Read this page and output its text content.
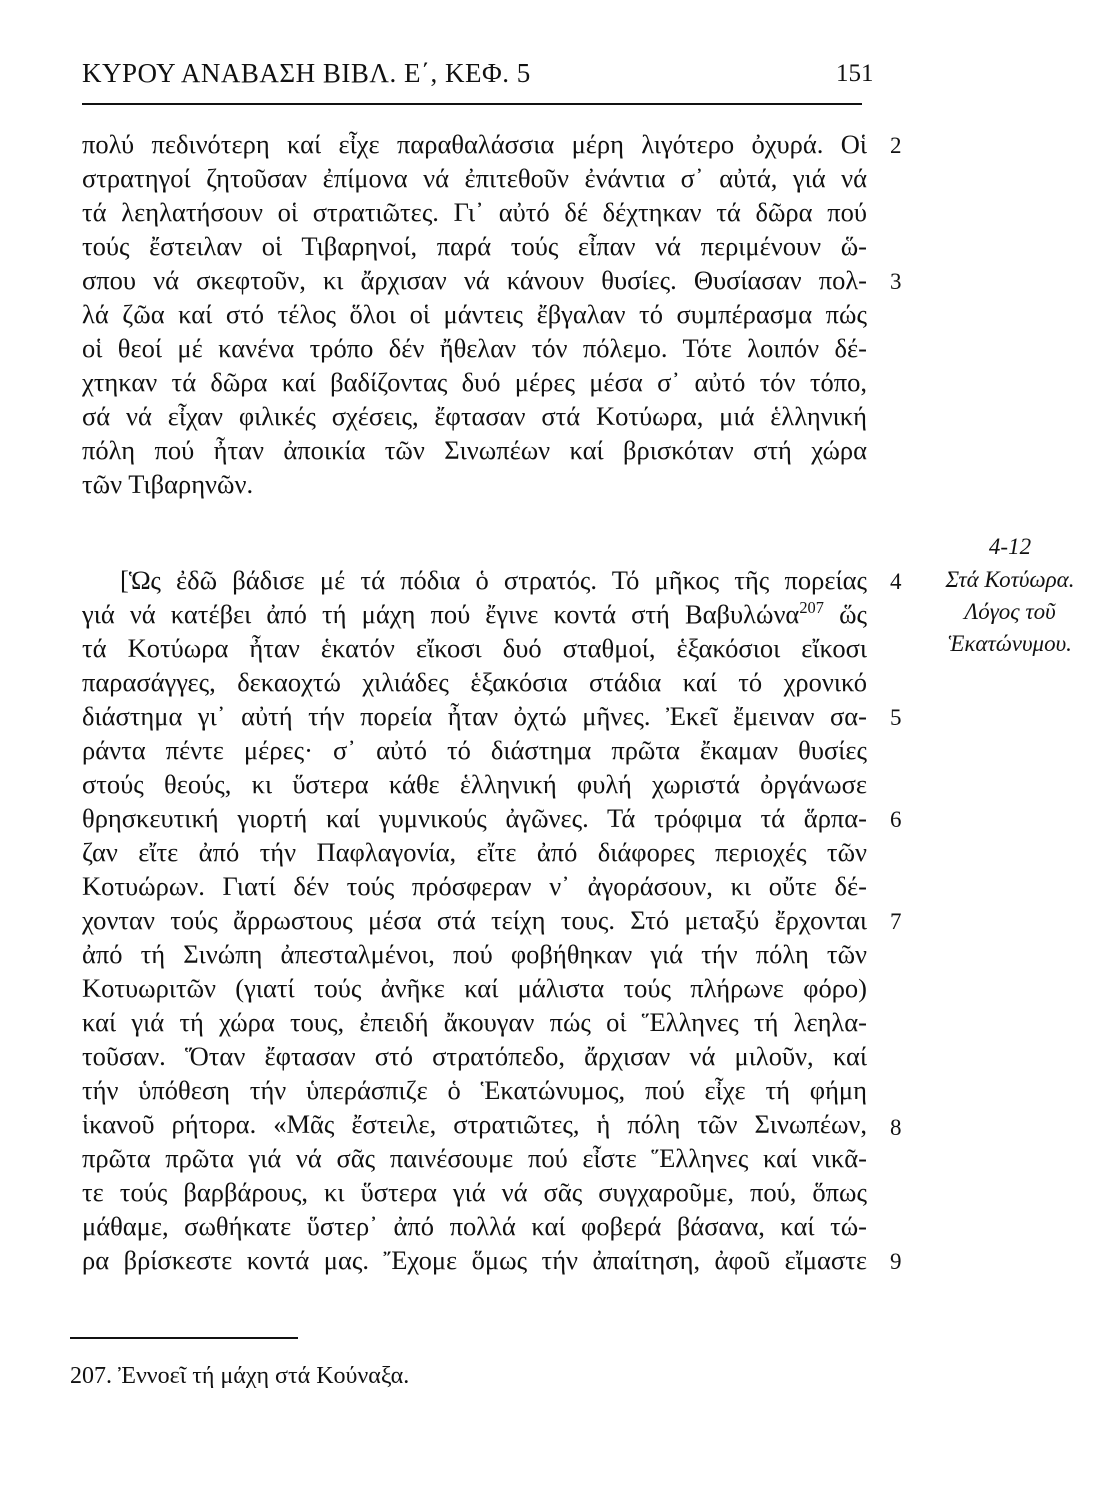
ΚΥΡΟΥ ΑΝΑΒΑΣΗ ΒΙΒΛ. Ε΄, ΚΕΦ. 5	151
πολύ πεδινότερη καί εἶχε παραθαλάσσια μέρη λιγότερο ὀχυρά. Οἱ
στρατηγοί ζητοῦσαν ἐπίμονα νά ἐπιτεθοῦν ἐνάντια σ᾿ αὐτά, γιά νά
τά λεηλατήσουν οἱ στρατιῶτες. Γι᾿ αὐτό δέ δέχτηκαν τά δῶρα πού
τούς ἔστειλαν οἱ Τιβαρηνοί, παρά τούς εἶπαν νά περιμένουν ὥ-
σπου νά σκεφτοῦν, κι ἄρχισαν νά κάνουν θυσίες. Θυσίασαν πολ-
λά ζῶα καί στό τέλος ὅλοι οἱ μάντεις ἔβγαλαν τό συμπέρασμα πώς
οἱ θεοί μέ κανένα τρόπο δέν ἤθελαν τόν πόλεμο. Τότε λοιπόν δέ-
χτηκαν τά δῶρα καί βαδίζοντας δυό μέρες μέσα σ᾿ αὐτό τόν τόπο,
σά νά εἶχαν φιλικές σχέσεις, ἔφτασαν στά Κοτύωρα, μιά ἑλληνική
πόλη πού ἦταν ἀποικία τῶν Σινωπέων καί βρισκόταν στή χώρα
τῶν Τιβαρηνῶν.
[Ὡς ἐδῶ βάδισε μέ τά πόδια ὁ στρατός. Τό μῆκος τῆς πορείας
γιά νά κατέβει ἀπό τή μάχη πού ἔγινε κοντά στή Βαβυλώνα$^{207}$ ὥς
τά Κοτύωρα ἦταν ἑκατόν εἴκοσι δυό σταθμοί, ἑξακόσιοι εἴκοσι
παρασάγγες, δεκαοχτώ χιλιάδες ἑξακόσια στάδια καί τό χρονικό
διάστημα γι᾿ αὐτή τήν πορεία ἦταν ὀχτώ μῆνες. Ἐκεῖ ἔμειναν σα-
ράντα πέντε μέρες· σ᾿ αὐτό τό διάστημα πρῶτα ἔκαμαν θυσίες
στούς θεούς, κι ὕστερα κάθε ἑλληνική φυλή χωριστά ὀργάνωσε
θρησκευτική γιορτή καί γυμνικούς ἀγῶνες. Τά τρόφιμα τά ἅρπα-
ζαν εἴτε ἀπό τήν Παφλαγονία, εἴτε ἀπό διάφορες περιοχές τῶν
Κοτυώρων. Γιατί δέν τούς πρόσφεραν ν᾿ ἀγοράσουν, κι οὔτε δέ-
χονταν τούς ἄρρωστους μέσα στά τείχη τους. Στό μεταξύ ἔρχονται
ἀπό τή Σινώπη ἀπεσταλμένοι, πού φοβήθηκαν γιά τήν πόλη τῶν
Κοτυωριτῶν (γιατί τούς ἀνῆκε καί μάλιστα τούς πλήρωνε φόρο)
καί γιά τή χώρα τους, ἐπειδή ἄκουγαν πώς οἱ Ἕλληνες τή λεηλα-
τοῦσαν. Ὅταν ἔφτασαν στό στρατόπεδο, ἄρχισαν νά μιλοῦν, καί
τήν ὑπόθεση τήν ὑπεράσπιζε ὁ Ἑκατώνυμος, πού εἶχε τή φήμη
ἱκανοῦ ρήτορα. «Μᾶς ἔστειλε, στρατιῶτες, ἡ πόλη τῶν Σινωπέων,
πρῶτα πρῶτα γιά νά σᾶς παινέσουμε πού εἶστε Ἕλληνες καί νικᾶ-
τε τούς βαρβάρους, κι ὕστερα γιά νά σᾶς συγχαροῦμε, πού, ὅπως
μάθαμε, σωθήκατε ὕστερ᾿ ἀπό πολλά καί φοβερά βάσανα, καί τώ-
ρα βρίσκεστε κοντά μας. Ἔχομε ὅμως τήν ἀπαίτηση, ἀφοῦ εἴμαστε
2
3
4
5
6
7
8
9
4-12
Στά Κοτύωρα.
Λόγος τοῦ
Ἑκατώνυμου.
207. Ἐννοεῖ τή μάχη στά Κούναξα.
